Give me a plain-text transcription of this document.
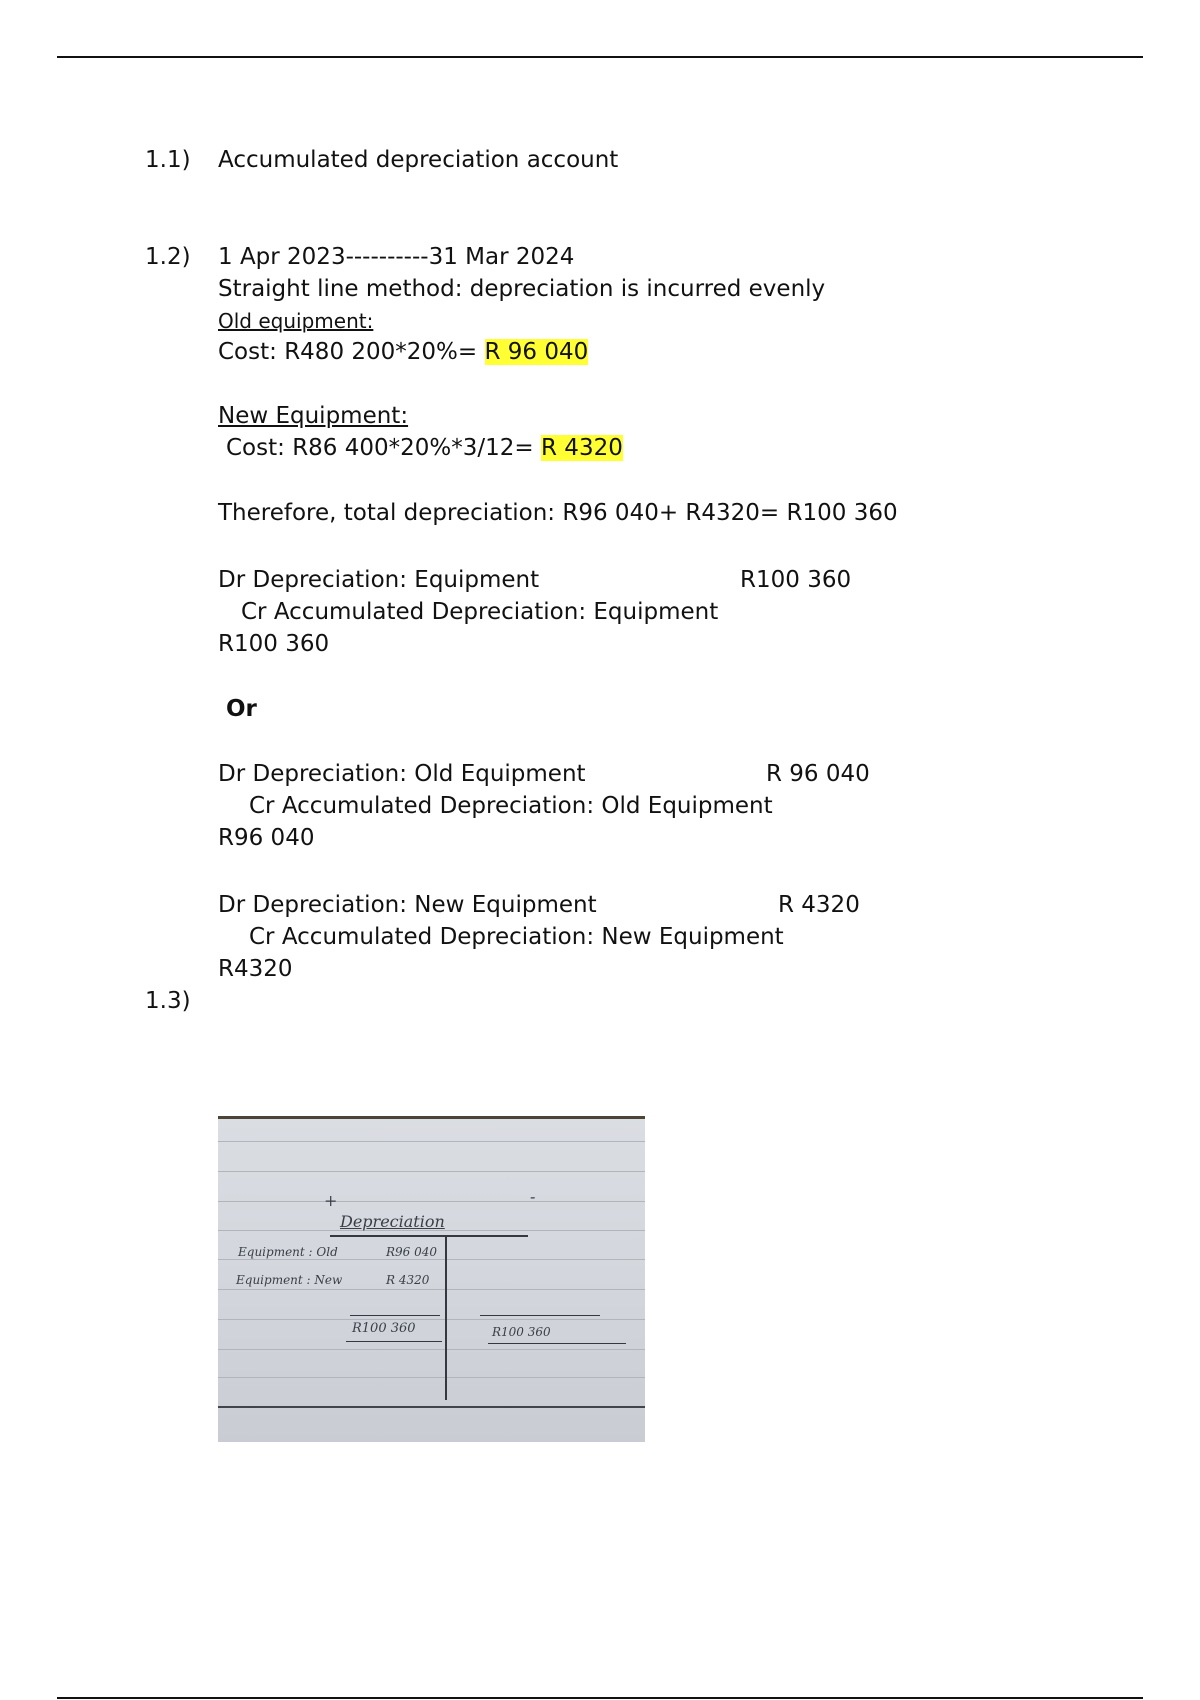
1.1) Accumulated depreciation account
1.2) 1 Apr 2023----------31 Mar 2024
Straight line method: depreciation is incurred evenly
Old equipment:
Cost: R480 200*20%= R 96 040
New Equipment:
Cost: R86 400*20%*3/12= R 4320
Therefore, total depreciation: R96 040+ R4320= R100 360
Dr Depreciation: Equipment	R100 360
Cr Accumulated Depreciation: Equipment
R100 360
Or
Dr Depreciation: Old Equipment	R 96 040
Cr Accumulated Depreciation: Old Equipment
R96 040
Dr Depreciation: New Equipment	R 4320
Cr Accumulated Depreciation: New Equipment
R4320
1.3)
+	-
Depreciation
Equipment : Old	R96 040
Equipment : New	R 4320
R100 360	R100 360
